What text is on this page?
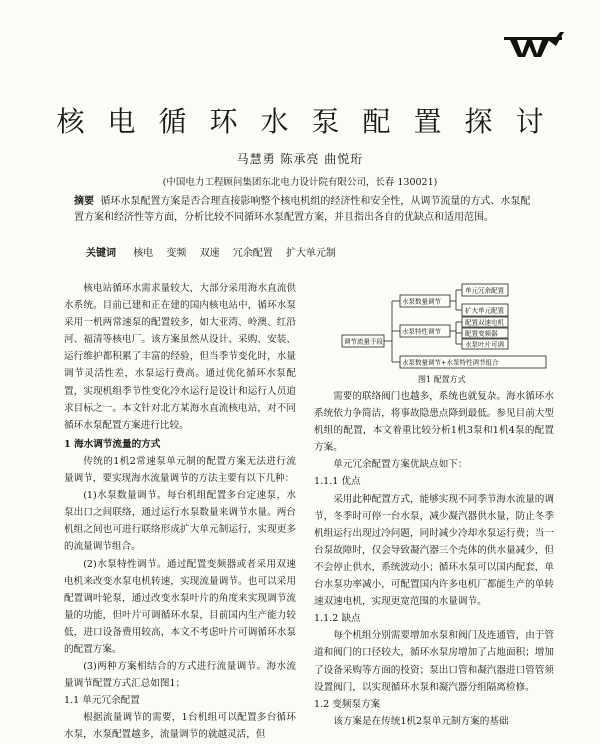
核电循环水泵配置探讨
马慧勇 陈承亮 曲悦珩
(中国电力工程顾问集团东北电力设计院有限公司，长春 130021)

摘要 循环水泵配置方案是否合理直接影响整个核电机组的经济性和安全性，从调节流量的方式、水泵配置方案和经济性等方面，分析比较不同循环水泵配置方案，并且指出各自的优缺点和适用范围。

关键词 核电 变频 双速 冗余配置 扩大单元制

核电站循环水需求量较大，大部分采用海水直流供水系统。目前已建和正在建的国内核电站中，循环水泵采用一机两常速泵的配置较多，如大亚湾、岭澳、红沿河、福清等核电厂。该方案虽然从设计、采购、安装、运行维护都积累了丰富的经验，但当季节变化时，水量调节灵活性差，水泵运行费高。通过优化循环水泵配置，实现机组季节性变化冷水运行是设计和运行人员追求目标之一。本文针对北方某海水直流核电站，对不同循环水泵配置方案进行比较。

1 海水调节流量的方式

传统的1机2常速泵单元制的配置方案无法进行流量调节，要实现海水流量调节的方法主要有以下几种：

(1)水泵数量调节。每台机组配置多台定速泵，水泵出口之间联络，通过运行水泵数量来调节水量。两台机组之间也可进行联络形成扩大单元制运行，实现更多的流量调节组合。

(2)水泵特性调节。通过配置变频器或者采用双速电机来改变水泵电机转速，实现流量调节。也可以采用配置调叶轮泵，通过改变水泵叶片的角度来实现调节流量的功能，但叶片可调循环水泵，目前国内生产能力较低，进口设备费用较高，本文不考虑叶片可调循环水泵的配置方案。

(3)两种方案相结合的方式进行流量调节。海水流量调节配置方式汇总如图1；

1.1 单元冗余配置

根据流量调节的需要，1台机组可以配置多台循环水泵，水泵配置越多，流量调节的就越灵活，但

调节流量手段
水泵数量调节
水泵特性调节
水泵数量调节+水泵特性调节组合
单元冗余配置
扩大单元配置
配置双速电机
配置变频器
水泵叶片可调
图1 配置方式

需要的联络阀门也越多，系统也就复杂。海水循环水系统依力争简洁，将事故隐患点降到最低。参见目前大型机组的配置，本文着重比较分析1机3泵和1机4泵的配置方案。

单元冗余配置方案优缺点如下：

1.1.1 优点

采用此种配置方式，能够实现不同季节海水流量的调节，冬季时可停一台水泵，减少凝汽器供水量，防止冬季机组运行出现过冷问题，同时减少冷却水泵运行费；当一台泵故障时，仅会导致凝汽器三个壳体的供水量减少，但不会停止供水，系统波动小；循环水泵可以国内配套，单台水泵功率减小，可配置国内许多电机厂都能生产的单转速双速电机，实现更宽范围的水量调节。

1.1.2 缺点

每个机组分别需要增加水泵和阀门及连通管，由于管道和阀门的口径较大，循环水泵房增加了占地面积；增加了设备采购等方面的投资；泵出口管和凝汽器进口管管须设置阀门，以实现循环水泵和凝汽器分组隔离检修。

1.2 变频泵方案

该方案是在传统1机2泵单元制方案的基础
